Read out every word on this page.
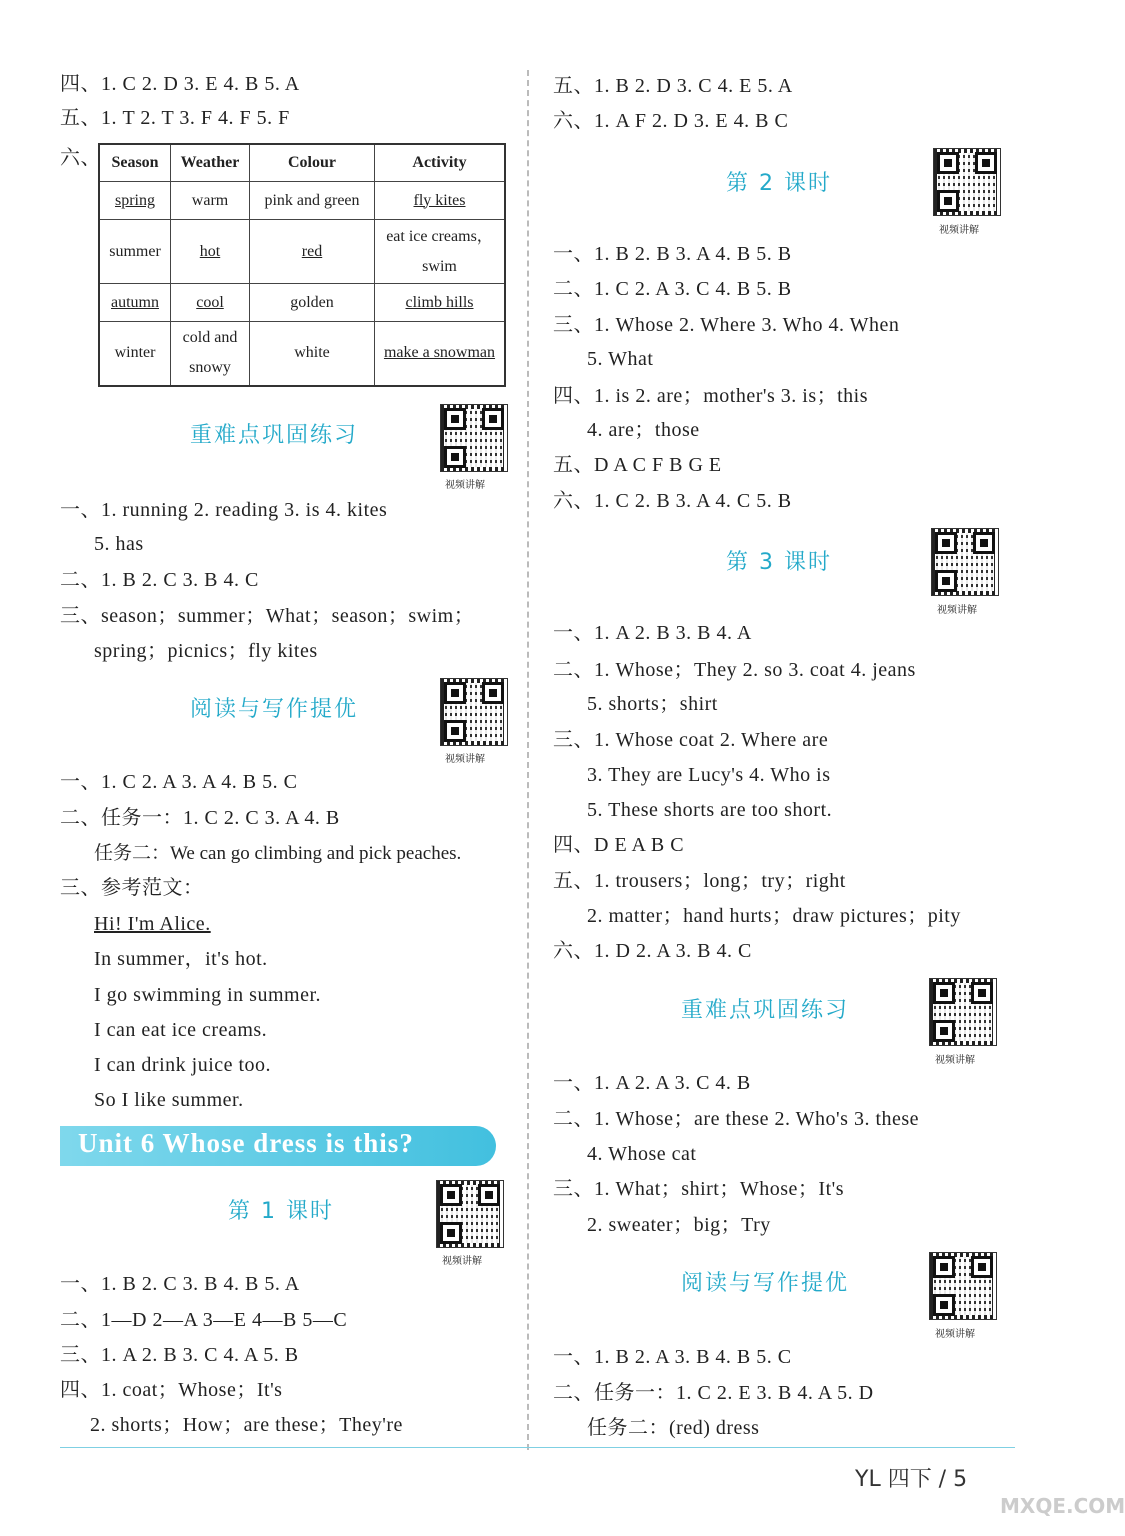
四、1. C 2. D 3. E 4. B 5. A
五、1. T 2. T 3. F 4. F 5. F
六、 Season	Weather	Colour	Activity
spring	warm	pink and green	fly kites
summer	hot	red	eat ice creams，swim
autumn	cool	golden	climb hills
winter	cold and snowy	white	make a snowman
重难点巩固练习
视频讲解
一、1. running 2. reading 3. is 4. kites
5. has
二、1. B 2. C 3. B 4. C
三、season；summer；What；season；swim；
spring；picnics；fly kites
阅读与写作提优
视频讲解
一、1. C 2. A 3. A 4. B 5. C
二、任务一：1. C 2. C 3. A 4. B
任务二：We can go climbing and pick peaches.
三、参考范文：
Hi! I'm Alice.
In summer，it's hot.
I go swimming in summer.
I can eat ice creams.
I can drink juice too.
So I like summer.
Unit 6 Whose dress is this?
第 1 课时
视频讲解
一、1. B 2. C 3. B 4. B 5. A
二、1—D 2—A 3—E 4—B 5—C
三、1. A 2. B 3. C 4. A 5. B
四、1. coat；Whose；It's
2. shorts；How；are these；They're
五、1. B 2. D 3. C 4. E 5. A
六、1. A F 2. D 3. E 4. B C
第 2 课时
视频讲解
一、1. B 2. B 3. A 4. B 5. B
二、1. C 2. A 3. C 4. B 5. B
三、1. Whose 2. Where 3. Who 4. When
5. What
四、1. is 2. are；mother's 3. is；this
4. are；those
五、D A C F B G E
六、1. C 2. B 3. A 4. C 5. B
第 3 课时
视频讲解
一、1. A 2. B 3. B 4. A
二、1. Whose；They 2. so 3. coat 4. jeans
5. shorts；shirt
三、1. Whose coat 2. Where are
3. They are Lucy's 4. Who is
5. These shorts are too short.
四、D E A B C
五、1. trousers；long；try；right
2. matter；hand hurts；draw pictures；pity
六、1. D 2. A 3. B 4. C
重难点巩固练习
视频讲解
一、1. A 2. A 3. C 4. B
二、1. Whose；are these 2. Who's 3. these
4. Whose cat
三、1. What；shirt；Whose；It's
2. sweater；big；Try
阅读与写作提优
视频讲解
一、1. B 2. A 3. B 4. B 5. C
二、任务一：1. C 2. E 3. B 4. A 5. D
任务二：(red) dress
YL 四下 / 5
MXQE.COM
